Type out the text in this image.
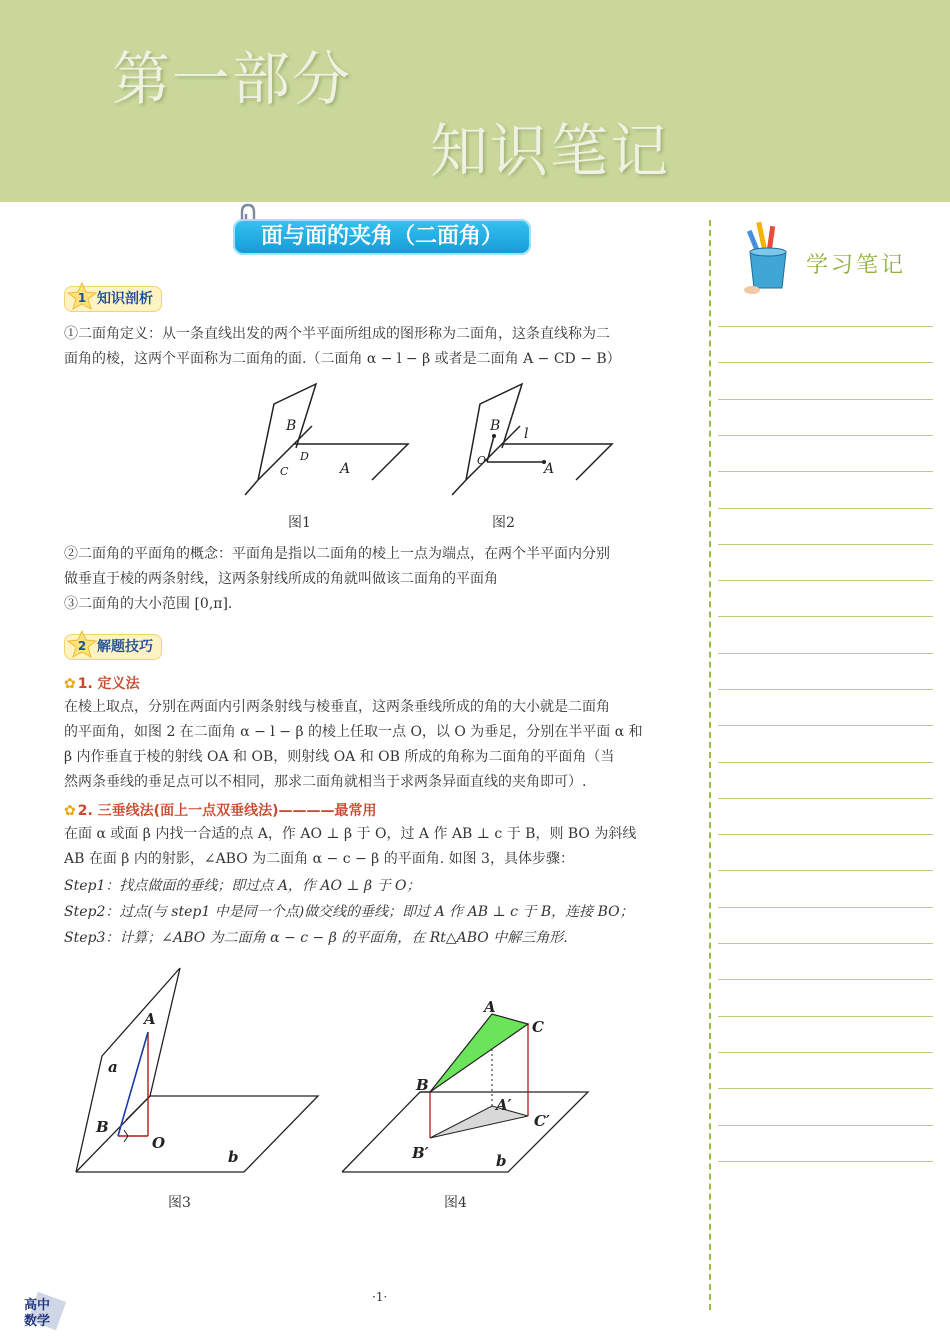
第一部分
知识笔记
面与面的夹角（二面角）
1 知识剖析
①二面角定义：从一条直线出发的两个半平面所组成的图形称为二面角，这条直线称为二
面角的棱，这两个平面称为二面角的面.（二面角 α − l − β 或者是二面角 A − CD − B）
B
D
C	A
图1
B l
O
A
图2
②二面角的平面角的概念：平面角是指以二面角的棱上一点为端点，在两个半平面内分别
做垂直于棱的两条射线，这两条射线所成的角就叫做该二面角的平面角
③二面角的大小范围 [0,π].
2 解题技巧
✿ 1. 定义法
在棱上取点，分别在两面内引两条射线与棱垂直，这两条垂线所成的角的大小就是二面角
的平面角，如图 2 在二面角 α − l − β 的棱上任取一点 O，以 O 为垂足，分别在半平面 α 和
β 内作垂直于棱的射线 OA 和 OB，则射线 OA 和 OB 所成的角称为二面角的平面角（当
然两条垂线的垂足点可以不相同，那求二面角就相当于求两条异面直线的夹角即可）.
✿ 2. 三垂线法(面上一点双垂线法)————最常用
在面 α 或面 β 内找一合适的点 A，作 AO ⊥ β 于 O，过 A 作 AB ⊥ c 于 B，则 BO 为斜线
AB 在面 β 内的射影，∠ABO 为二面角 α − c − β 的平面角. 如图 3，具体步骤：
Step1：找点做面的垂线；即过点 A，作 AO ⊥ β 于 O；
Step2：过点(与 step1 中是同一个点)做交线的垂线；即过 A 作 AB ⊥ c 于 B，连接 BO；
Step3：计算；∠ABO 为二面角 α − c − β 的平面角，在 Rt△ABO 中解三角形.
A
a
B
O
b
图3
A
C
B
A′
C′
B′	b
图4
学习笔记
·1·
高中
数学
